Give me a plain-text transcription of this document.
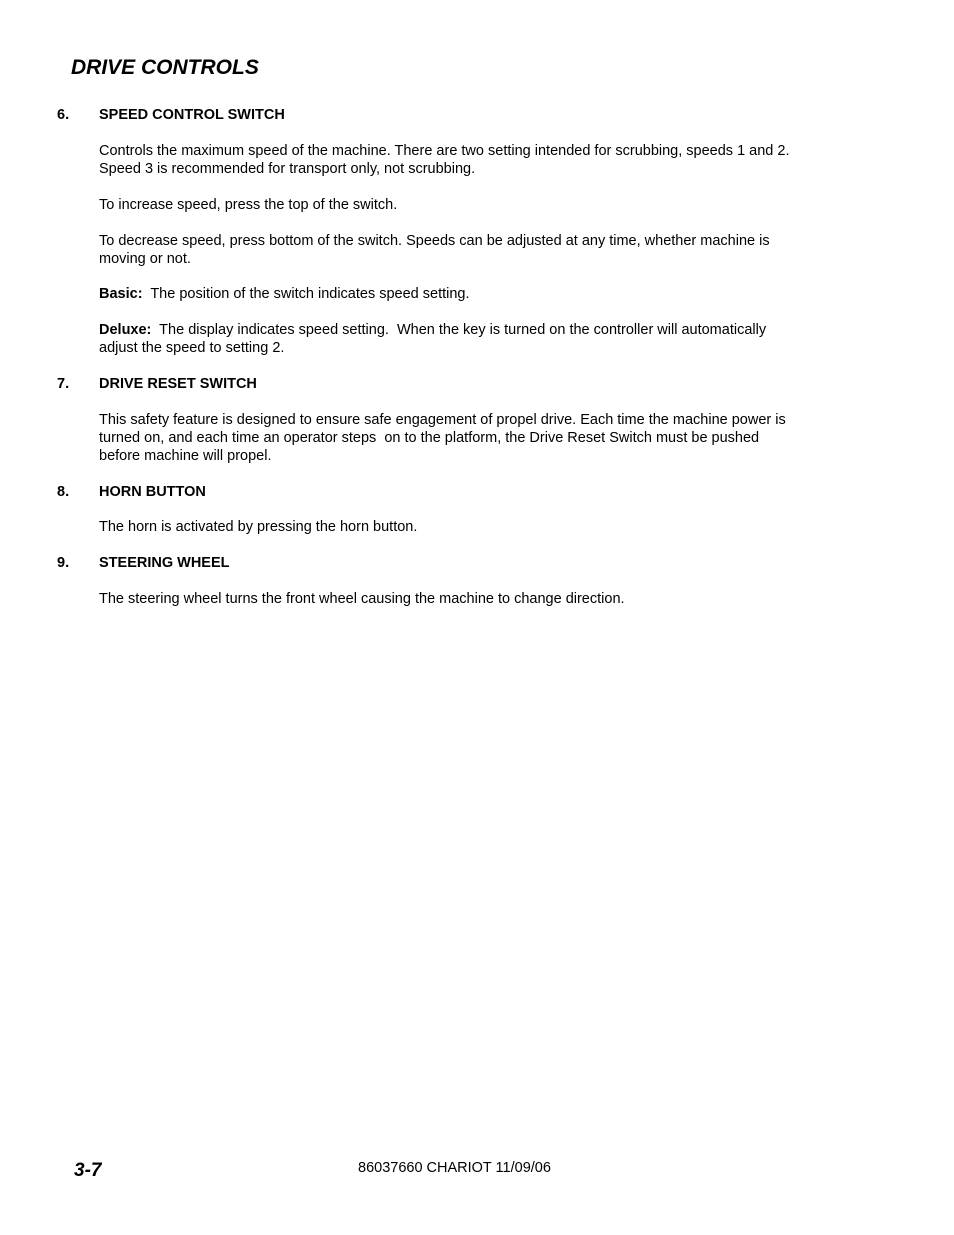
DRIVE CONTROLS
6. SPEED CONTROL SWITCH
Controls the maximum speed of the machine. There are two setting intended for scrubbing, speeds 1 and 2.
Speed 3 is recommended for transport only, not scrubbing.
To increase speed, press the top of the switch.
To decrease speed, press bottom of the switch. Speeds can be adjusted at any time, whether machine is
moving or not.
Basic:  The position of the switch indicates speed setting.
Deluxe:  The display indicates speed setting.  When the key is turned on the controller will automatically
adjust the speed to setting 2.
7. DRIVE RESET SWITCH
This safety feature is designed to ensure safe engagement of propel drive. Each time the machine power is
turned on, and each time an operator steps  on to the platform, the Drive Reset Switch must be pushed
before machine will propel.
8. HORN BUTTON
The horn is activated by pressing the horn button.
9. STEERING WHEEL
The steering wheel turns the front wheel causing the machine to change direction.
3-7	86037660 CHARIOT 11/09/06
